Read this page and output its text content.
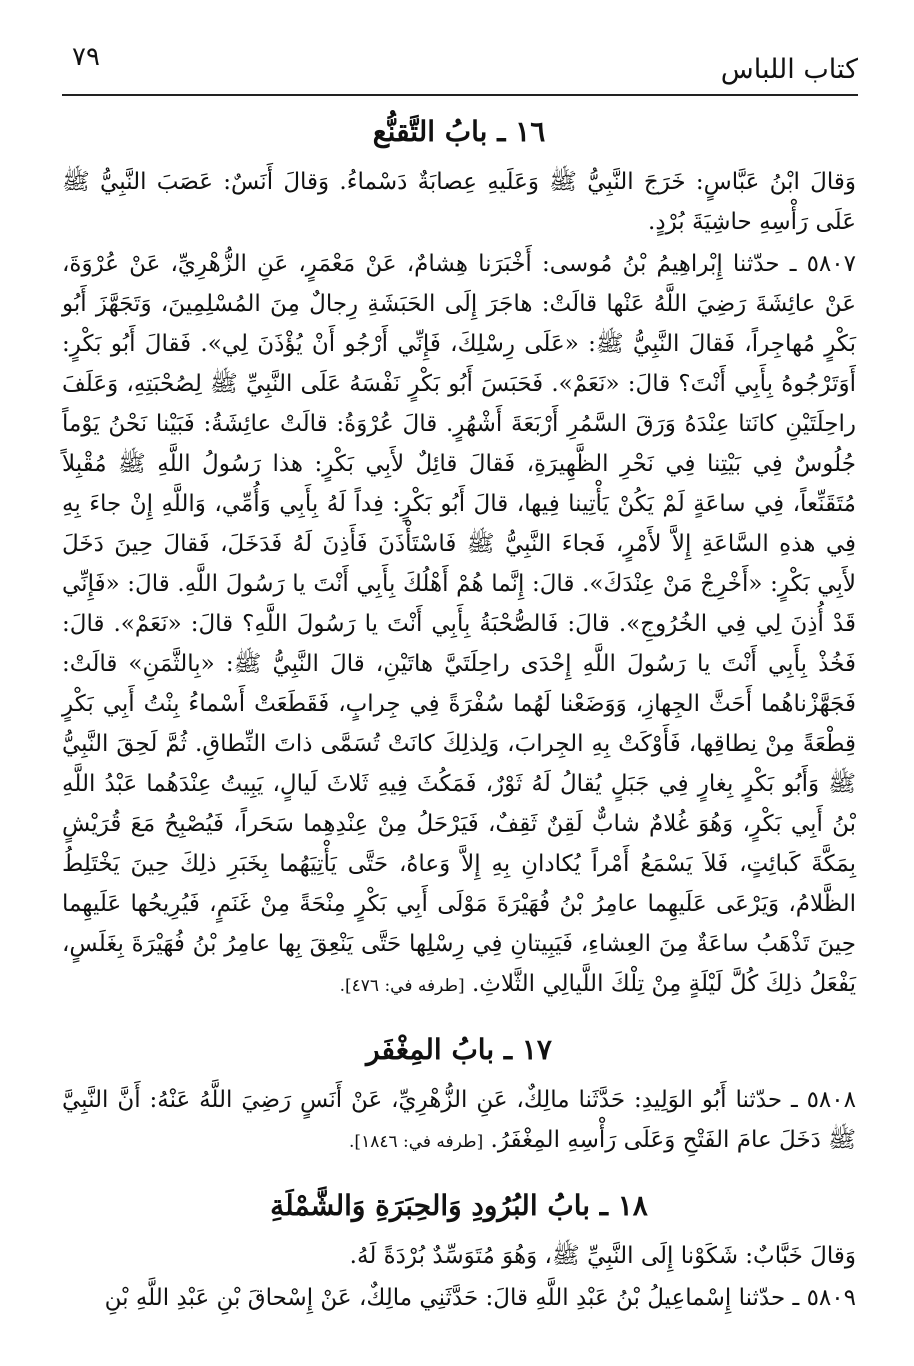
٧٩	كتاب اللباس
١٦ ـ بابُ التَّقنُّع

وَقالَ ابْنُ عَبَّاسٍ: خَرَجَ النَّبِيُّ ﷺ وَعَلَيهِ عِصابَةٌ دَسْماءُ. وَقالَ أَنَسٌ: عَصَبَ النَّبِيُّ ﷺ عَلَى رَأْسِهِ حاشِيَةَ بُرْدٍ.

٥٨٠٧ ـ حدّثنا إِبْراهِيمُ بْنُ مُوسى: أَخْبَرَنا هِشامٌ، عَنْ مَعْمَرٍ، عَنِ الزُّهْرِيِّ، عَنْ عُرْوَةَ، عَنْ عائِشَةَ رَضِيَ اللَّهُ عَنْها قالَتْ: هاجَرَ إِلَى الحَبَشَةِ رِجالٌ مِنَ المُسْلِمِينَ، وَتَجَهَّزَ أَبُو بَكْرٍ مُهاجِراً، فَقالَ النَّبِيُّ ﷺ: «عَلَى رِسْلِكَ، فَإِنِّي أَرْجُو أَنْ يُؤْذَنَ لِي». فَقالَ أَبُو بَكْرٍ: أَوَتَرْجُوهُ بِأَبِي أَنْتَ؟ قالَ: «نَعَمْ». فَحَبَسَ أَبُو بَكْرٍ نَفْسَهُ عَلَى النَّبِيِّ ﷺ لِصُحْبَتِهِ، وَعَلَفَ راحِلَتَيْنِ كانَتا عِنْدَهُ وَرَقَ السَّمُرِ أَرْبَعَةَ أَشْهُرٍ. قالَ عُرْوَةُ: قالَتْ عائِشَةُ: فَبَيْنا نَحْنُ يَوْماً جُلُوسٌ فِي بَيْتِنا فِي نَحْرِ الظَّهِيرَةِ، فَقالَ قائِلٌ لأَبِي بَكْرٍ: هذا رَسُولُ اللَّهِ ﷺ مُقْبِلاً مُتَقَنِّعاً، فِي ساعَةٍ لَمْ يَكُنْ يَأْتِينا فِيها، قالَ أَبُو بَكْرٍ: فِداً لَهُ بِأَبِي وَأُمِّي، وَاللَّهِ إِنْ جاءَ بِهِ فِي هذهِ السَّاعَةِ إِلاَّ لأَمْرٍ، فَجاءَ النَّبِيُّ ﷺ فَاسْتَأْذَنَ فَأَذِنَ لَهُ فَدَخَلَ، فَقالَ حِينَ دَخَلَ لأَبِي بَكْرٍ: «أَخْرِجْ مَنْ عِنْدَكَ». قالَ: إِنَّما هُمْ أَهْلُكَ بِأَبِي أَنْتَ يا رَسُولَ اللَّهِ. قالَ: «فَإِنِّي قَدْ أُذِنَ لِي فِي الخُرُوجِ». قالَ: فَالصُّحْبَةُ بِأَبِي أَنْتَ يا رَسُولَ اللَّهِ؟ قالَ: «نَعَمْ». قالَ: فَخُذْ بِأَبِي أَنْتَ يا رَسُولَ اللَّهِ إِحْدَى راحِلَتَيَّ هاتَيْنِ، قالَ النَّبِيُّ ﷺ: «بِالثَّمَنِ» قالَتْ: فَجَهَّزْناهُما أَحَثَّ الجِهازِ، وَوَضَعْنا لَهُما سُفْرَةً فِي جِرابٍ، فَقَطَعَتْ أَسْماءُ بِنْتُ أَبِي بَكْرٍ قِطْعَةً مِنْ نِطاقِها، فَأَوْكَتْ بِهِ الجِرابَ، وَلِذلِكَ كانَتْ تُسَمَّى ذاتَ النِّطاقِ. ثُمَّ لَحِقَ النَّبِيُّ ﷺ وَأَبُو بَكْرٍ بِغارٍ فِي جَبَلٍ يُقالُ لَهُ ثَوْرٌ، فَمَكُثَ فِيهِ ثَلاثَ لَيالٍ، يَبِيتُ عِنْدَهُما عَبْدُ اللَّهِ بْنُ أَبِي بَكْرٍ، وَهُوَ غُلامٌ شابٌّ لَقِنٌ ثَقِفٌ، فَيَرْحَلُ مِنْ عِنْدِهِما سَحَراً، فَيُصْبِحُ مَعَ قُرَيْشٍ بِمَكَّةَ كَبائِتٍ، فَلاَ يَسْمَعُ أَمْراً يُكادانِ بِهِ إِلاَّ وَعاهُ، حَتَّى يَأْتِيَهُما بِخَبَرِ ذلِكَ حِينَ يَخْتَلِطُ الظَّلامُ، وَيَرْعَى عَلَيهِما عامِرُ بْنُ فُهَيْرَةَ مَوْلَى أَبِي بَكْرٍ مِنْحَةً مِنْ غَنَمٍ، فَيُرِيحُها عَلَيهِما حِينَ تَذْهَبُ ساعَةٌ مِنَ العِشاءِ، فَيَبِيتانِ فِي رِسْلِها حَتَّى يَنْعِقَ بِها عامِرُ بْنُ فُهَيْرَةَ بِغَلَسٍ، يَفْعَلُ ذلِكَ كُلَّ لَيْلَةٍ مِنْ تِلْكَ اللَّيالِي الثَّلاثِ. [طرفه في: ٤٧٦].

١٧ ـ بابُ المِغْفَر

٥٨٠٨ ـ حدّثنا أَبُو الوَلِيدِ: حَدَّثَنا مالِكٌ، عَنِ الزُّهْرِيِّ، عَنْ أَنَسٍ رَضِيَ اللَّهُ عَنْهُ: أَنَّ النَّبِيَّ ﷺ دَخَلَ عامَ الفَتْحِ وَعَلَى رَأْسِهِ المِغْفَرُ. [طرفه في: ١٨٤٦].

١٨ ـ بابُ البُرُودِ وَالحِبَرَةِ وَالشَّمْلَةِ

وَقالَ خَبَّابٌ: شَكَوْنا إِلَى النَّبِيِّ ﷺ، وَهُوَ مُتَوَسِّدٌ بُرْدَةً لَهُ.

٥٨٠٩ ـ حدّثنا إِسْماعِيلُ بْنُ عَبْدِ اللَّهِ قالَ: حَدَّثَنِي مالِكٌ، عَنْ إِسْحاقَ بْنِ عَبْدِ اللَّهِ بْنِ
